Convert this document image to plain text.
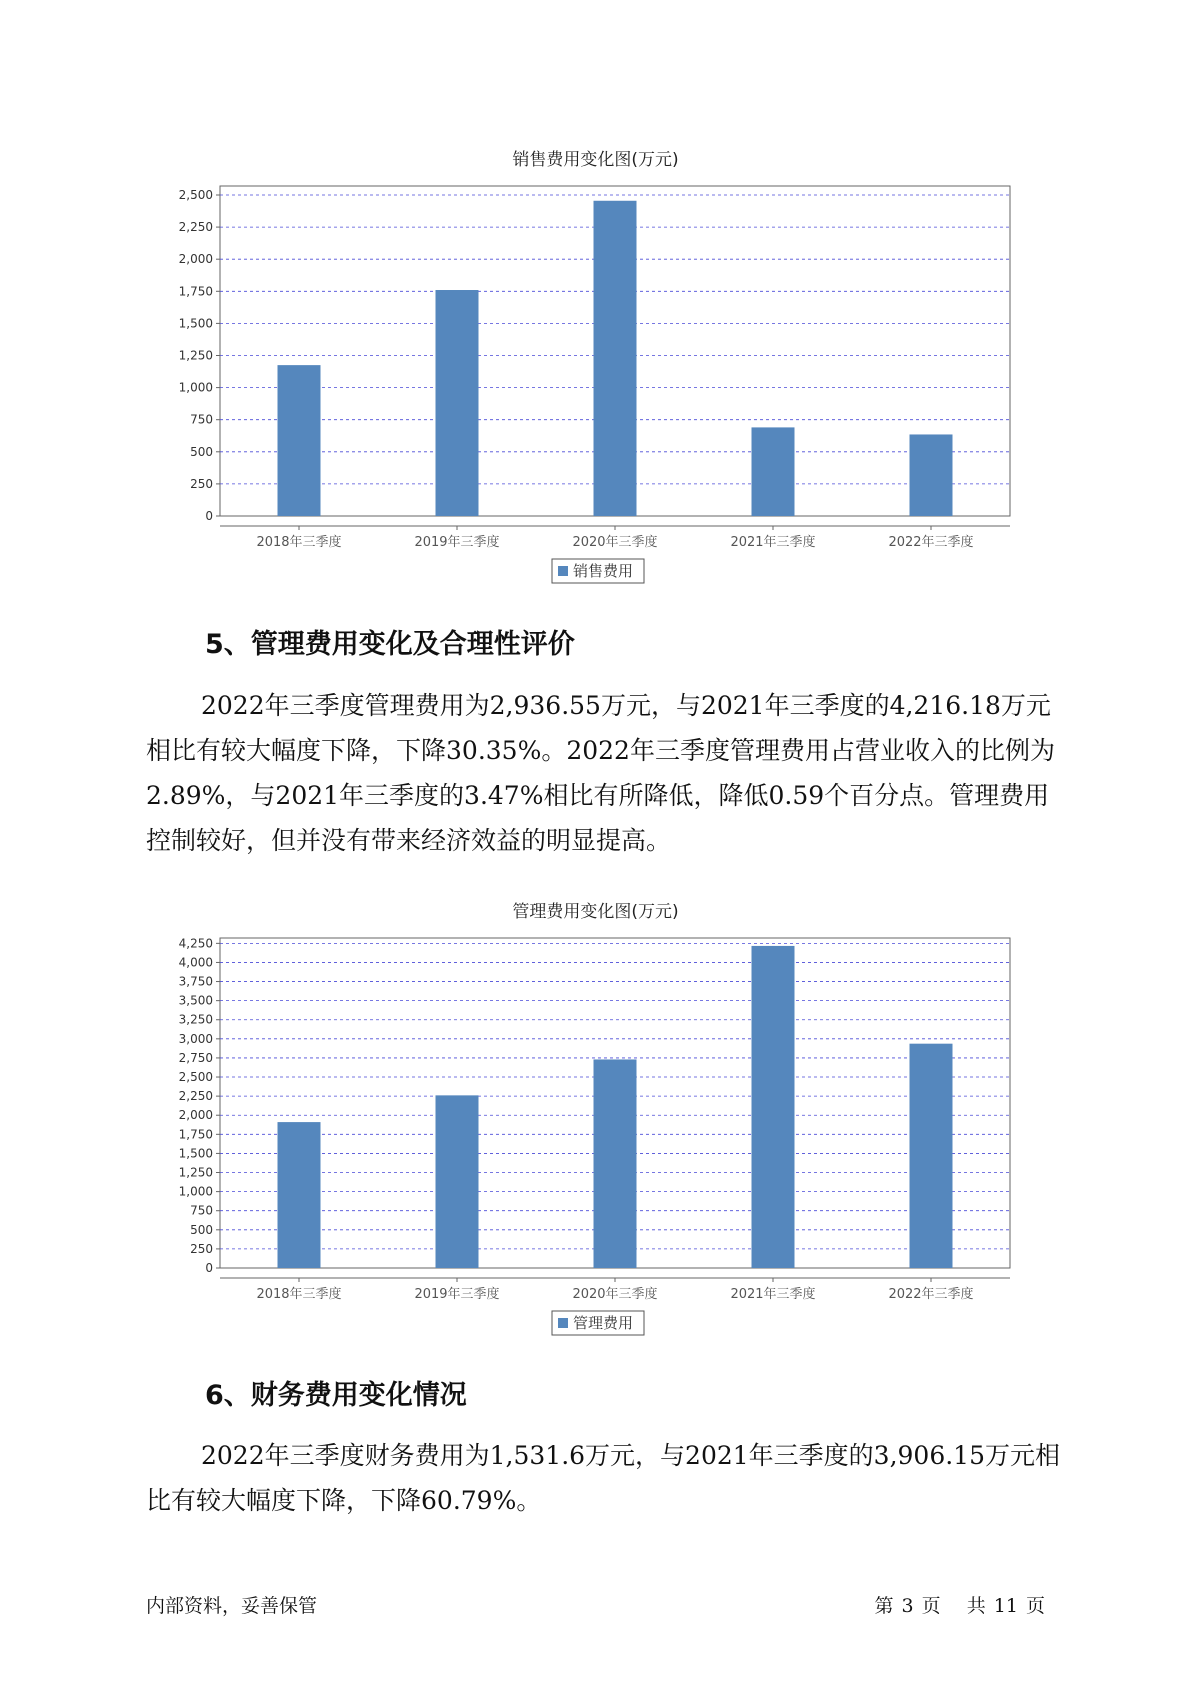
销售费用变化图(万元)
0
250
500
750
1,000
1,250
1,500
1,750
2,000
2,250
2,500
2018年三季度	2019年三季度	2020年三季度	2021年三季度	2022年三季度
销售费用
5、管理费用变化及合理性评价

2022年三季度管理费用为2,936.55万元，与2021年三季度的4,216.18万元相比有较大幅度下降，下降30.35%。2022年三季度管理费用占营业收入的比例为2.89%，与2021年三季度的3.47%相比有所降低，降低0.59个百分点。管理费用控制较好，但并没有带来经济效益的明显提高。

管理费用变化图(万元)
0
250
500
750
1,000
1,250
1,500
1,750
2,000
2,250
2,500
2,750
3,000
3,250
3,500
3,750
4,000
4,250
2018年三季度	2019年三季度	2020年三季度	2021年三季度	2022年三季度
管理费用
6、财务费用变化情况

2022年三季度财务费用为1,531.6万元，与2021年三季度的3,906.15万元相比有较大幅度下降，下降60.79%。

内部资料，妥善保管	第 3 页 共 11 页
